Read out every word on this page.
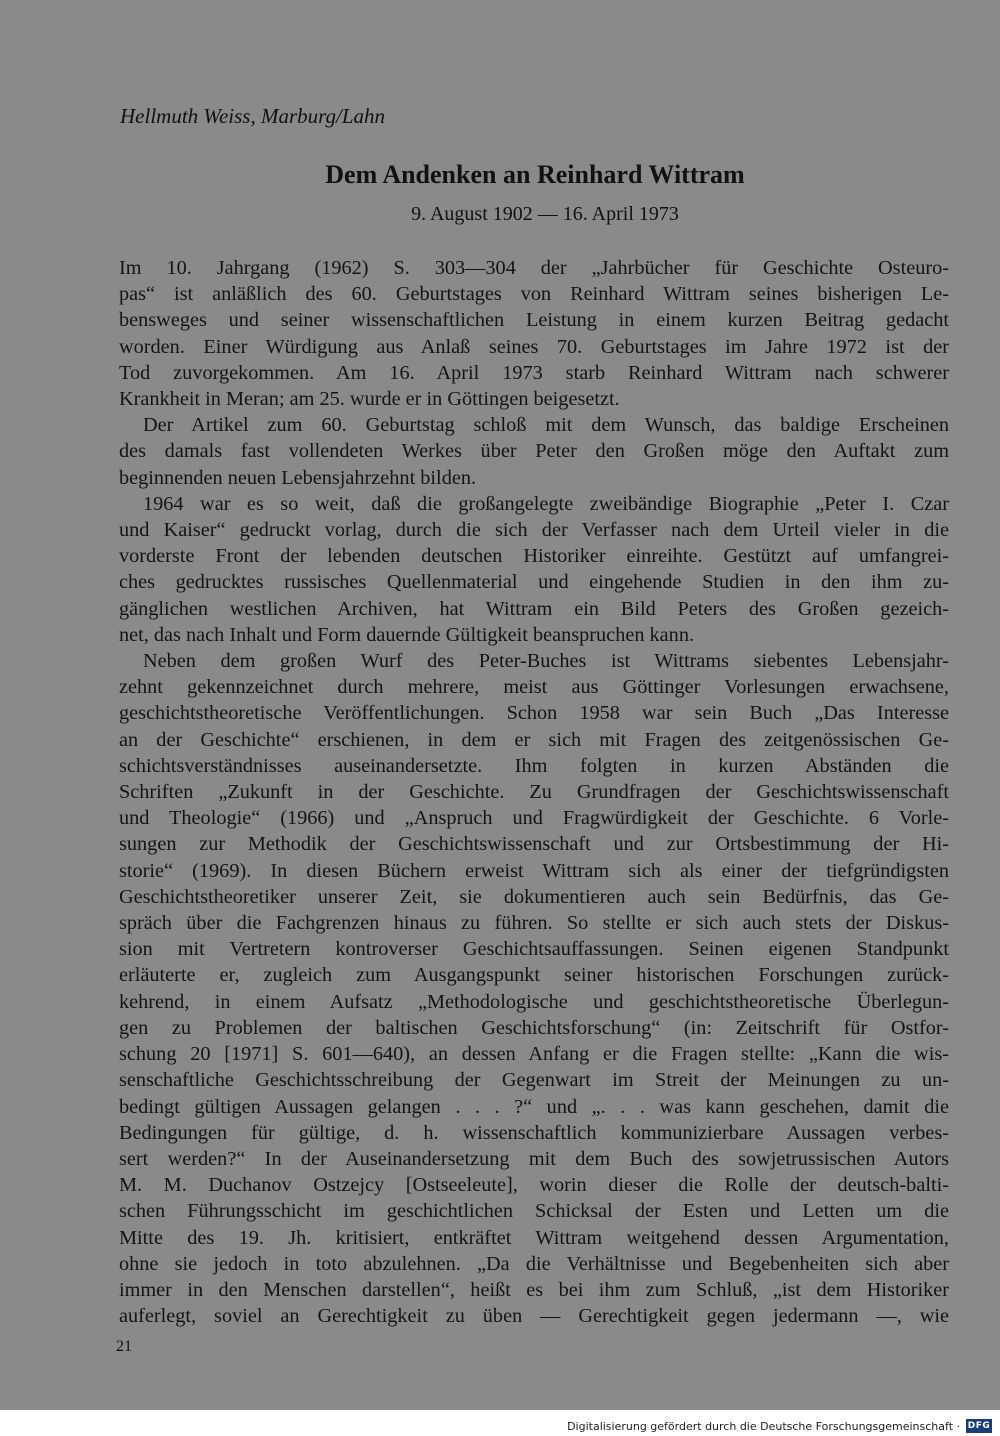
Hellmuth Weiss, Marburg/Lahn
Dem Andenken an Reinhard Wittram
9. August 1902 — 16. April 1973
Im 10. Jahrgang (1962) S. 303—304 der „Jahrbücher für Geschichte Osteuro-
pas“ ist anläßlich des 60. Geburtstages von Reinhard Wittram seines bisherigen Le-
bensweges und seiner wissenschaftlichen Leistung in einem kurzen Beitrag gedacht
worden. Einer Würdigung aus Anlaß seines 70. Geburtstages im Jahre 1972 ist der
Tod zuvorgekommen. Am 16. April 1973 starb Reinhard Wittram nach schwerer
Krankheit in Meran; am 25. wurde er in Göttingen beigesetzt.
Der Artikel zum 60. Geburtstag schloß mit dem Wunsch, das baldige Erscheinen
des damals fast vollendeten Werkes über Peter den Großen möge den Auftakt zum
beginnenden neuen Lebensjahrzehnt bilden.
1964 war es so weit, daß die großangelegte zweibändige Biographie „Peter I. Czar
und Kaiser“ gedruckt vorlag, durch die sich der Verfasser nach dem Urteil vieler in die
vorderste Front der lebenden deutschen Historiker einreihte. Gestützt auf umfangrei-
ches gedrucktes russisches Quellenmaterial und eingehende Studien in den ihm zu-
gänglichen westlichen Archiven, hat Wittram ein Bild Peters des Großen gezeich-
net, das nach Inhalt und Form dauernde Gültigkeit beanspruchen kann.
Neben dem großen Wurf des Peter-Buches ist Wittrams siebentes Lebensjahr-
zehnt gekennzeichnet durch mehrere, meist aus Göttinger Vorlesungen erwachsene,
geschichtstheoretische Veröffentlichungen. Schon 1958 war sein Buch „Das Interesse
an der Geschichte“ erschienen, in dem er sich mit Fragen des zeitgenössischen Ge-
schichtsverständnisses auseinandersetzte. Ihm folgten in kurzen Abständen die
Schriften „Zukunft in der Geschichte. Zu Grundfragen der Geschichtswissenschaft
und Theologie“ (1966) und „Anspruch und Fragwürdigkeit der Geschichte. 6 Vorle-
sungen zur Methodik der Geschichtswissenschaft und zur Ortsbestimmung der Hi-
storie“ (1969). In diesen Büchern erweist Wittram sich als einer der tiefgründigsten
Geschichtstheoretiker unserer Zeit, sie dokumentieren auch sein Bedürfnis, das Ge-
spräch über die Fachgrenzen hinaus zu führen. So stellte er sich auch stets der Diskus-
sion mit Vertretern kontroverser Geschichtsauffassungen. Seinen eigenen Standpunkt
erläuterte er, zugleich zum Ausgangspunkt seiner historischen Forschungen zurück-
kehrend, in einem Aufsatz „Methodologische und geschichtstheoretische Überlegun-
gen zu Problemen der baltischen Geschichtsforschung“ (in: Zeitschrift für Ostfor-
schung 20 [1971] S. 601—640), an dessen Anfang er die Fragen stellte: „Kann die wis-
senschaftliche Geschichtsschreibung der Gegenwart im Streit der Meinungen zu un-
bedingt gültigen Aussagen gelangen . . . ?“ und „. . . was kann geschehen, damit die
Bedingungen für gültige, d. h. wissenschaftlich kommunizierbare Aussagen verbes-
sert werden?“ In der Auseinandersetzung mit dem Buch des sowjetrussischen Autors
M. M. Duchanov Ostzejcy [Ostseeleute], worin dieser die Rolle der deutsch-balti-
schen Führungsschicht im geschichtlichen Schicksal der Esten und Letten um die
Mitte des 19. Jh. kritisiert, entkräftet Wittram weitgehend dessen Argumentation,
ohne sie jedoch in toto abzulehnen. „Da die Verhältnisse und Begebenheiten sich aber
immer in den Menschen darstellen“, heißt es bei ihm zum Schluß, „ist dem Historiker
auferlegt, soviel an Gerechtigkeit zu üben — Gerechtigkeit gegen jedermann —, wie
21
Digitalisierung gefördert durch die Deutsche Forschungsgemeinschaft · DFG
